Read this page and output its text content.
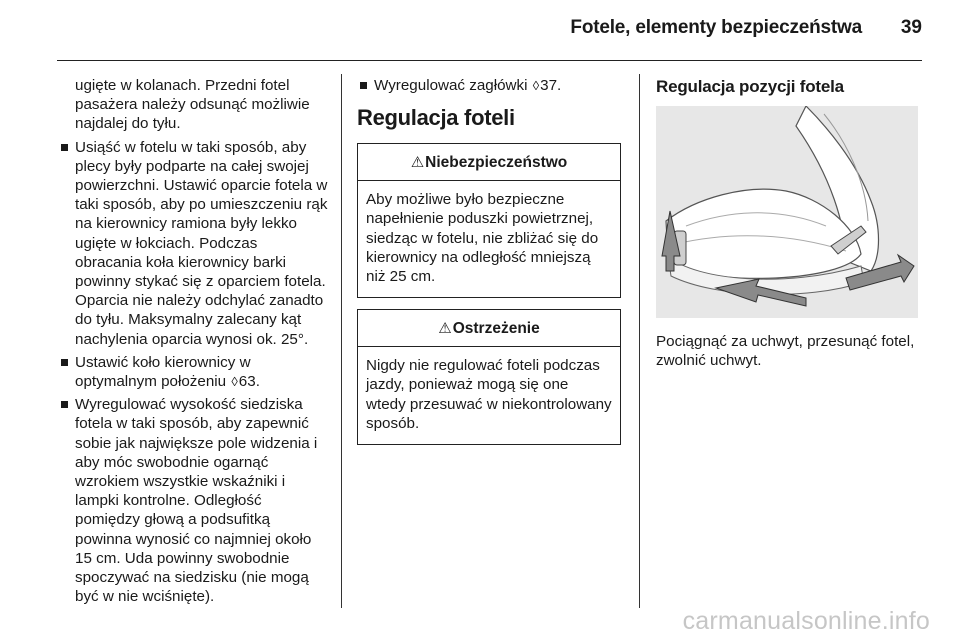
Fotele, elementy bezpieczeństwa 39

ugięte w kolanach. Przedni fotel pasażera należy odsunąć możliwie najdalej do tyłu.

Usiąść w fotelu w taki sposób, aby plecy były podparte na całej swojej powierzchni. Ustawić oparcie fotela w taki sposób, aby po umieszczeniu rąk na kierownicy ramiona były lekko ugięte w łokciach. Podczas obracania koła kierownicy barki powinny stykać się z oparciem fotela. Oparcia nie należy odchylać zanadto do tyłu. Maksymalny zalecany kąt nachylenia oparcia wynosi ok. 25°.

Ustawić koło kierownicy w optymalnym położeniu ◊63.

Wyregulować wysokość siedziska fotela w taki sposób, aby zapewnić sobie jak największe pole widzenia i aby móc swobodnie ogarnąć wzrokiem wszystkie wskaźniki i lampki kontrolne. Odległość pomiędzy głową a podsufitką powinna wynosić co najmniej około 15 cm. Uda powinny swobodnie spoczywać na siedzisku (nie mogą być w nie wciśnięte).

Wyregulować zagłówki ◊37.

Regulacja foteli

⚠ Niebezpieczeństwo
Aby możliwe było bezpieczne napełnienie poduszki powietrznej, siedząc w fotelu, nie zbliżać się do kierownicy na odległość mniejszą niż 25 cm.
⚠ Ostrzeżenie
Nigdy nie regulować foteli podczas jazdy, ponieważ mogą się one wtedy przesuwać w niekontrolowany sposób.

Regulacja pozycji fotela

Pociągnąć za uchwyt, przesunąć fotel, zwolnić uchwyt.

carmanualsonline.info
